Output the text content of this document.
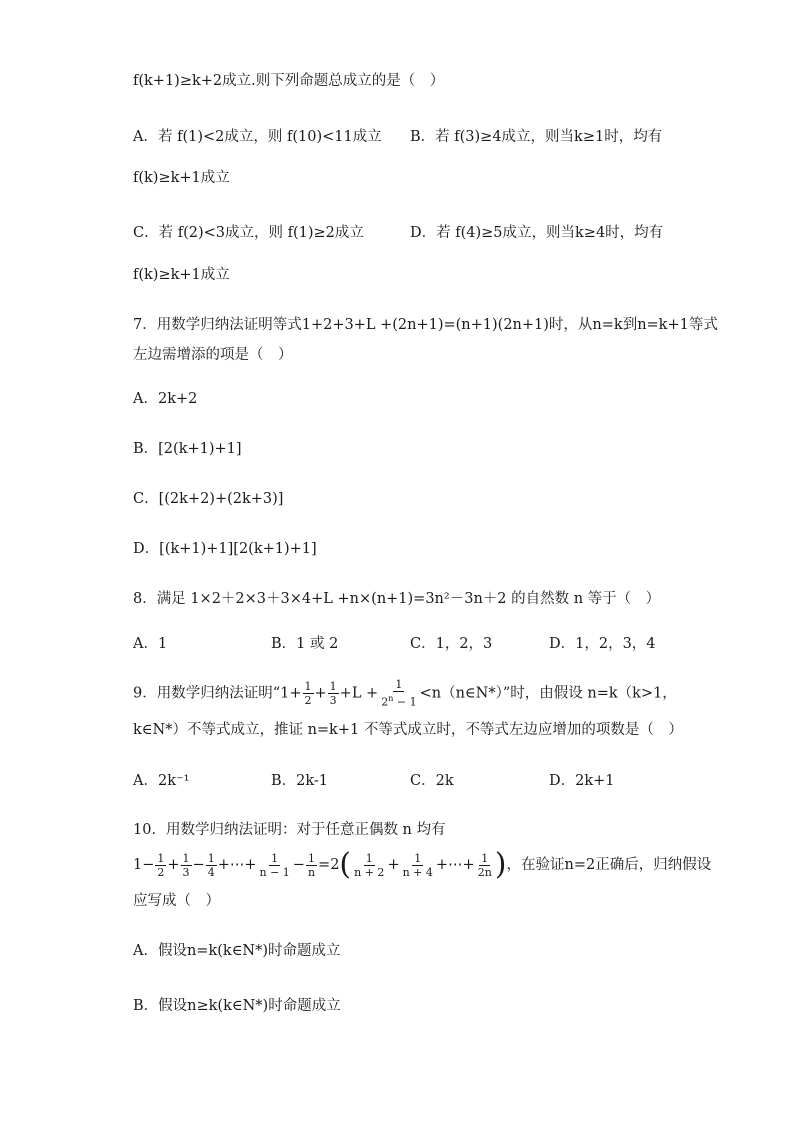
f(k+1)≥k+2成立.则下列命题总成立的是（　）
A．若 f(1)<2成立，则 f(10)<11成立 B．若 f(3)≥4成立，则当k≥1时，均有
f(k)≥k+1成立
C．若 f(2)<3成立，则 f(1)≥2成立	D．若 f(4)≥5成立，则当k≥4时，均有
f(k)≥k+1成立
7．用数学归纳法证明等式1+2+3+L +(2n+1)=(n+1)(2n+1)时，从n=k到n=k+1等式
左边需增添的项是（　）
A．2k+2
B．[2(k+1)+1]
C．[(2k+2)+(2k+3)]
D．[(k+1)+1][2(k+1)+1]
8．满足 1×2＋2×3＋3×4+L +n×(n+1)=3n²－3n＋2 的自然数 n 等于（　）
A．1	B．1 或 2	C．1，2，3	D．1，2，3，4
9．用数学归纳法证明“$1+ \frac{1}{2} + \frac{1}{3} +L + \frac{1}{2^n - 1}$ <n（n∈N*）”时，由假设 n=k（k>1，
k∈N*）不等式成立，推证 n=k+1 不等式成立时，不等式左边应增加的项数是（　）
A．2k⁻¹	B．2k-1	C．2k	D．2k+1
10．用数学归纳法证明：对于任意正偶数 n 均有
$1- \frac{1}{2} + \frac{1}{3} - \frac{1}{4}$ +⋯+ $\frac{1}{n - 1} - \frac{1}{n} =2( \frac{1}{n + 2} + \frac{1}{n + 4}$ +⋯+ $\frac{1}{2n}$ )，在验证n=2正确后，归纳假设
应写成（　）
A．假设n=k(k∈N*)时命题成立
B．假设n≥k(k∈N*)时命题成立
